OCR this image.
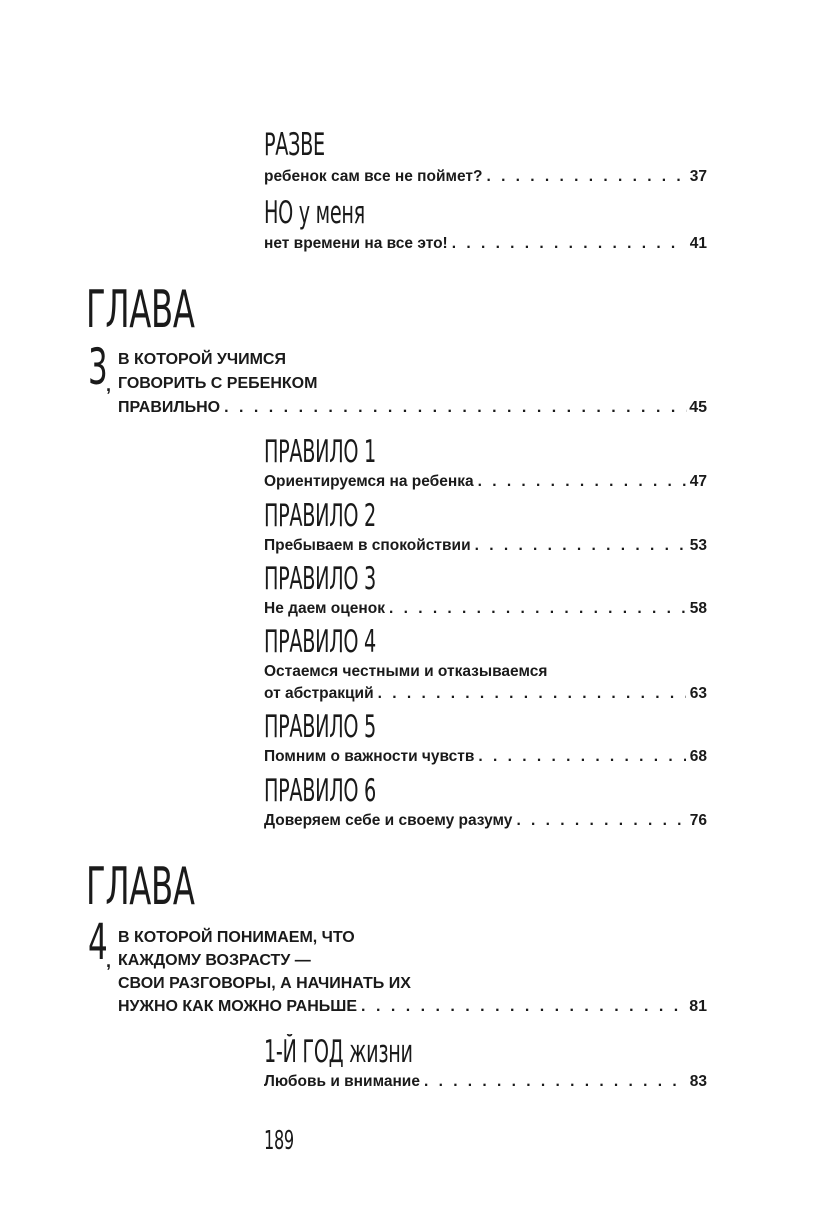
РАЗВЕ
ребенок сам все не поймет? . . .	37
НО у меня
нет времени на все это! . . .	41
ГЛАВА
3
,
В КОТОРОЙ УЧИМСЯ
ГОВОРИТЬ С РЕБЕНКОМ
ПРАВИЛЬНО . . .	45
ПРАВИЛО 1
Ориентируемся на ребенка . . .	47
ПРАВИЛО 2
Пребываем в спокойствии . . .	53
ПРАВИЛО 3
Не даем оценок . . .	58
ПРАВИЛО 4
Остаемся честными и отказываемся
от абстракций . . .	63
ПРАВИЛО 5
Помним о важности чувств . . .	68
ПРАВИЛО 6
Доверяем себе и своему разуму . . .	76
ГЛАВА
4
,
В КОТОРОЙ ПОНИМАЕМ, ЧТО
КАЖДОМУ ВОЗРАСТУ —
СВОИ РАЗГОВОРЫ, А НАЧИНАТЬ ИХ
НУЖНО КАК МОЖНО РАНЬШЕ . . .	81
1-Й ГОД жизни
Любовь и внимание . . .	83
189
